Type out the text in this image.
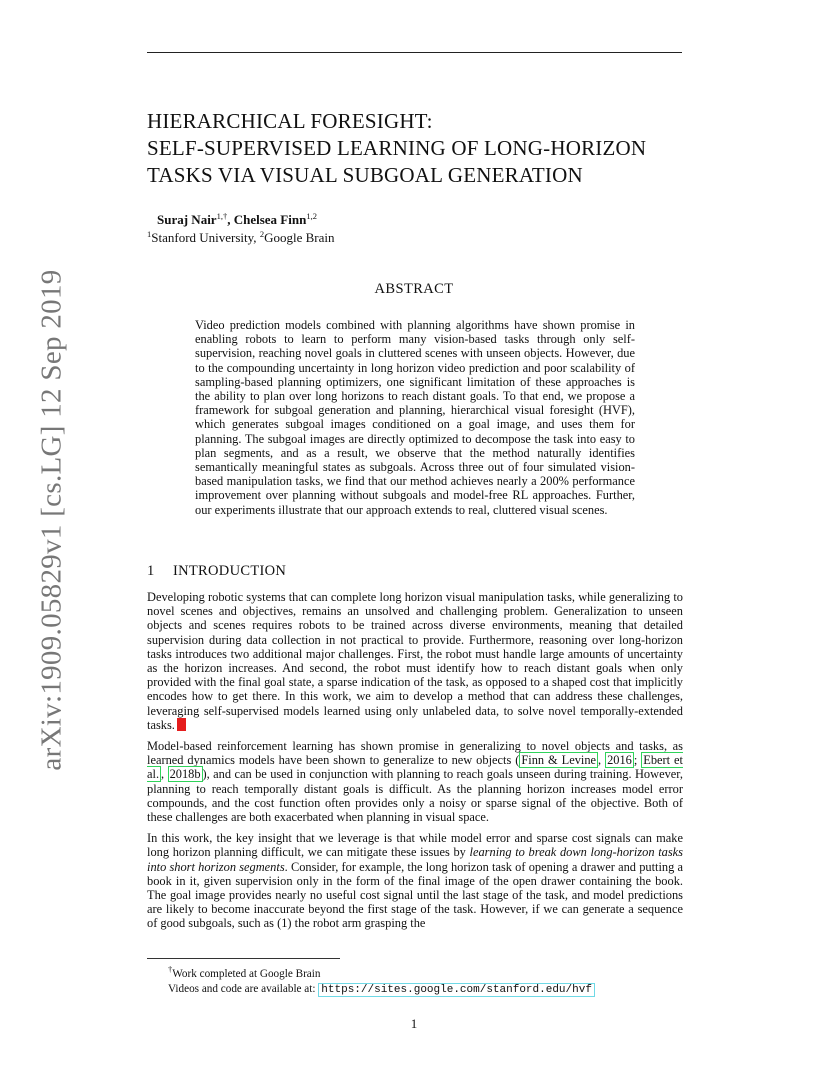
arXiv:1909.05829v1 [cs.LG] 12 Sep 2019
HIERARCHICAL FORESIGHT:
SELF-SUPERVISED LEARNING OF LONG-HORIZON
TASKS VIA VISUAL SUBGOAL GENERATION
Suraj Nair$^{1,\dagger}$, Chelsea Finn$^{1,2}$
$^1$Stanford University, $^2$Google Brain
ABSTRACT
Video prediction models combined with planning algorithms have shown promise in enabling robots to learn to perform many vision-based tasks through only self-supervision, reaching novel goals in cluttered scenes with unseen objects. However, due to the compounding uncertainty in long horizon video prediction and poor scalability of sampling-based planning optimizers, one significant limitation of these approaches is the ability to plan over long horizons to reach distant goals. To that end, we propose a framework for subgoal generation and planning, hierarchical visual foresight (HVF), which generates subgoal images conditioned on a goal image, and uses them for planning. The subgoal images are directly optimized to decompose the task into easy to plan segments, and as a result, we observe that the method naturally identifies semantically meaningful states as subgoals. Across three out of four simulated vision-based manipulation tasks, we find that our method achieves nearly a 200% performance improvement over planning without subgoals and model-free RL approaches. Further, our experiments illustrate that our approach extends to real, cluttered visual scenes.
1 INTRODUCTION

Developing robotic systems that can complete long horizon visual manipulation tasks, while generalizing to novel scenes and objectives, remains an unsolved and challenging problem. Generalization to unseen objects and scenes requires robots to be trained across diverse environments, meaning that detailed supervision during data collection in not practical to provide. Furthermore, reasoning over long-horizon tasks introduces two additional major challenges. First, the robot must handle large amounts of uncertainty as the horizon increases. And second, the robot must identify how to reach distant goals when only provided with the final goal state, a sparse indication of the task, as opposed to a shaped cost that implicitly encodes how to get there. In this work, we aim to develop a method that can address these challenges, leveraging self-supervised models learned using only unlabeled data, to solve novel temporally-extended tasks.

Model-based reinforcement learning has shown promise in generalizing to novel objects and tasks, as learned dynamics models have been shown to generalize to new objects ( Finn & Levine , 2016 ; Ebert et al. , 2018b ), and can be used in conjunction with planning to reach goals unseen during training. However, planning to reach temporally distant goals is difficult. As the planning horizon increases model error compounds, and the cost function often provides only a noisy or sparse signal of the objective. Both of these challenges are both exacerbated when planning in visual space.

In this work, the key insight that we leverage is that while model error and sparse cost signals can make long horizon planning difficult, we can mitigate these issues by learning to break down long-horizon tasks into short horizon segments. Consider, for example, the long horizon task of opening a drawer and putting a book in it, given supervision only in the form of the final image of the open drawer containing the book. The goal image provides nearly no useful cost signal until the last stage of the task, and model predictions are likely to become inaccurate beyond the first stage of the task. However, if we can generate a sequence of good subgoals, such as (1) the robot arm grasping the

†Work completed at Google Brain
Videos and code are available at: https://sites.google.com/stanford.edu/hvf
1
